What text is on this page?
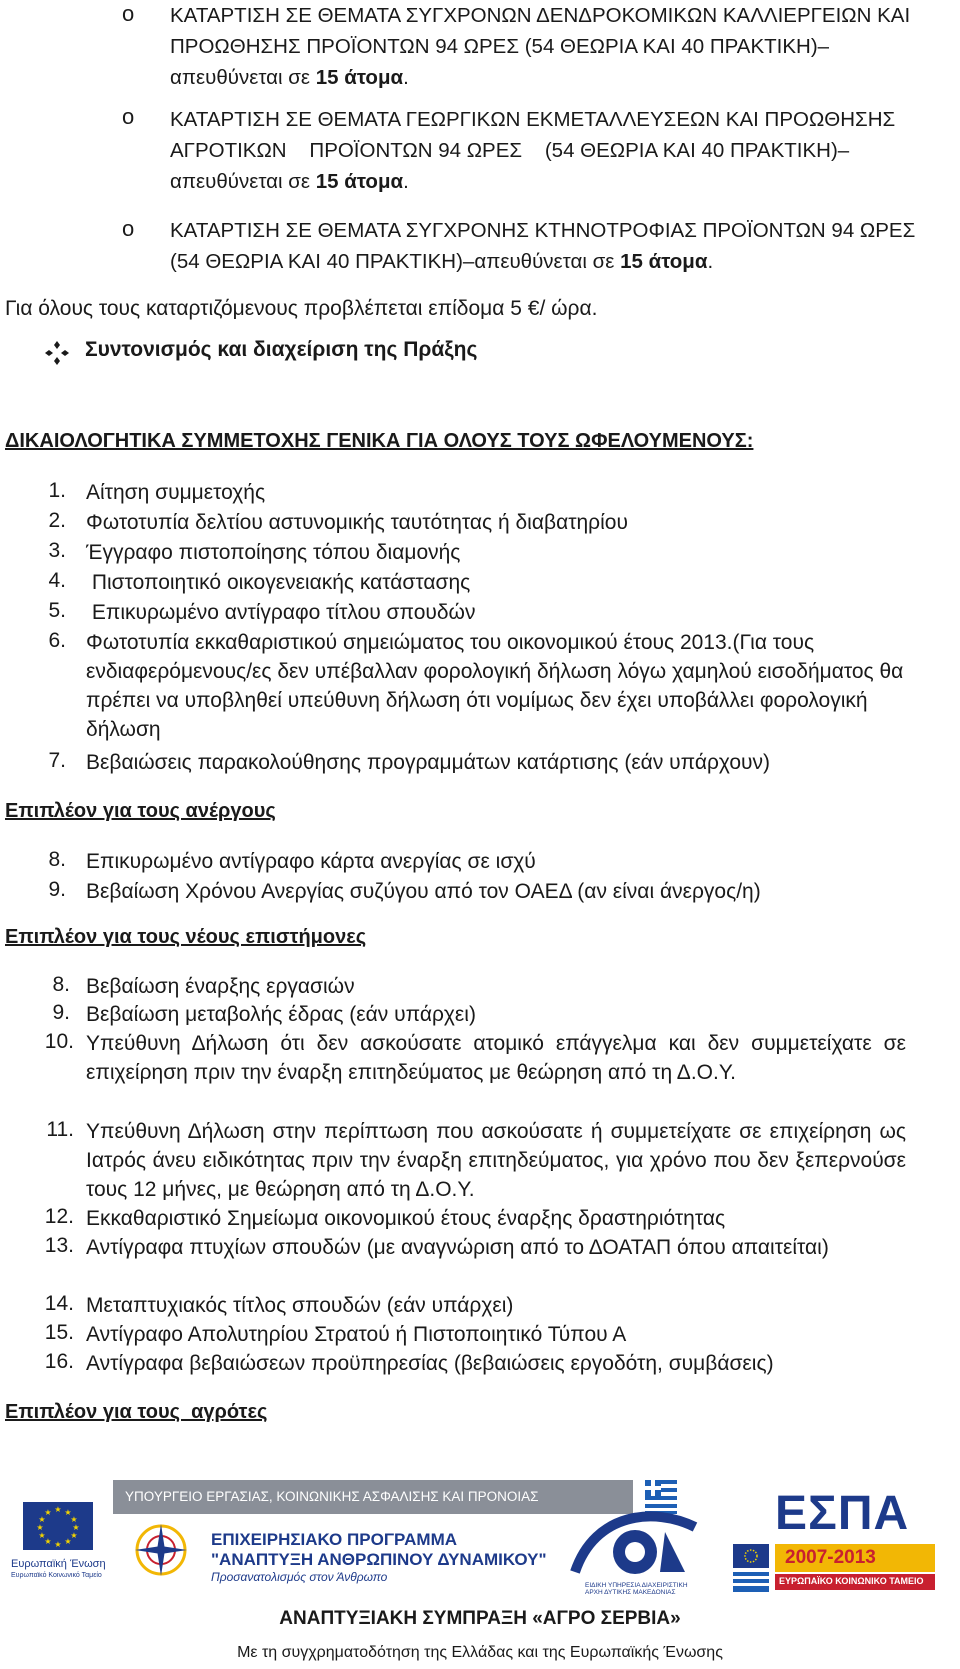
o ΚΑΤΑΡΤΙΣΗ ΣΕ ΘΕΜΑΤΑ ΣΥΓΧΡΟΝΩΝ ΔΕΝΔΡΟΚΟΜΙΚΩΝ ΚΑΛΛΙΕΡΓΕΙΩΝ ΚΑΙ
ΠΡΟΩΘΗΣΗΣ ΠΡΟΪΟΝΤΩΝ 94 ΩΡΕΣ (54 ΘΕΩΡΙΑ ΚΑΙ 40 ΠΡΑΚΤΙΚΗ)–
απευθύνεται σε 15 άτομα.
o ΚΑΤΑΡΤΙΣΗ ΣΕ ΘΕΜΑΤΑ ΓΕΩΡΓΙΚΩΝ ΕΚΜΕΤΑΛΛΕΥΣΕΩΝ ΚΑΙ ΠΡΟΩΘΗΣΗΣ
ΑΓΡΟΤΙΚΩΝ    ΠΡΟΪΟΝΤΩΝ 94 ΩΡΕΣ    (54 ΘΕΩΡΙΑ ΚΑΙ 40 ΠΡΑΚΤΙΚΗ)–
απευθύνεται σε 15 άτομα.
o ΚΑΤΑΡΤΙΣΗ ΣΕ ΘΕΜΑΤΑ ΣΥΓΧΡΟΝΗΣ ΚΤΗΝΟΤΡΟΦΙΑΣ ΠΡΟΪΟΝΤΩΝ 94 ΩΡΕΣ
(54 ΘΕΩΡΙΑ ΚΑΙ 40 ΠΡΑΚΤΙΚΗ)–απευθύνεται σε 15 άτομα.
Για όλους τους καταρτιζόμενους προβλέπεται επίδομα 5 €/ ώρα.
Συντονισμός και διαχείριση της Πράξης
ΔΙΚΑΙΟΛΟΓΗΤΙΚΑ ΣΥΜΜΕΤΟΧΗΣ ΓΕΝΙΚΑ ΓΙΑ ΟΛΟΥΣ ΤΟΥΣ ΩΦΕΛΟΥΜΕΝΟΥΣ:
1. Αίτηση συμμετοχής
2. Φωτοτυπία δελτίου αστυνομικής ταυτότητας ή διαβατηρίου
3. Έγγραφο πιστοποίησης τόπου διαμονής
4. Πιστοποιητικό οικογενειακής κατάστασης
5. Επικυρωμένο αντίγραφο τίτλου σπουδών
6. Φωτοτυπία εκκαθαριστικού σημειώματος του οικονομικού έτους 2013.(Για τους ενδιαφερόμενους/ες δεν υπέβαλλαν φορολογική δήλωση λόγω χαμηλού εισοδήματος θα πρέπει να υποβληθεί υπεύθυνη δήλωση ότι νομίμως δεν έχει υποβάλλει φορολογική δήλωση
7. Βεβαιώσεις παρακολούθησης προγραμμάτων κατάρτισης (εάν υπάρχουν)
Επιπλέον για τους ανέργους
8. Επικυρωμένο αντίγραφο κάρτα ανεργίας σε ισχύ
9. Βεβαίωση Χρόνου Ανεργίας συζύγου από τον ΟΑΕΔ (αν είναι άνεργος/η)
Επιπλέον για τους νέους επιστήμονες
8. Βεβαίωση έναρξης εργασιών
9. Βεβαίωση μεταβολής έδρας (εάν υπάρχει)
10. Υπεύθυνη Δήλωση ότι δεν ασκούσατε ατομικό επάγγελμα και δεν συμμετείχατε σε επιχείρηση πριν την έναρξη επιτηδεύματος με θεώρηση από τη Δ.Ο.Υ.
11. Υπεύθυνη Δήλωση στην περίπτωση που ασκούσατε ή συμμετείχατε σε επιχείρηση ως Ιατρός άνευ ειδικότητας πριν την έναρξη επιτηδεύματος, για χρόνο που δεν ξεπερνούσε τους 12 μήνες, με θεώρηση από τη Δ.Ο.Υ.
12. Εκκαθαριστικό Σημείωμα οικονομικού έτους έναρξης δραστηριότητας
13. Αντίγραφα πτυχίων σπουδών (με αναγνώριση από το ΔΟΑΤΑΠ όπου απαιτείται)
14. Μεταπτυχιακός τίτλος σπουδών (εάν υπάρχει)
15. Αντίγραφο Απολυτηρίου Στρατού ή Πιστοποιητικό Τύπου Α
16. Αντίγραφα βεβαιώσεων προϋπηρεσίας (βεβαιώσεις εργοδότη, συμβάσεις)
Επιπλέον για τους  αγρότες
★ ★
★
★
★
★
★
★
★
★
★
★
Ευρωπαϊκή Ένωση
Ευρωπαϊκό Κοινωνικό Ταμείο
ΥΠΟΥΡΓΕΙΟ ΕΡΓΑΣΙΑΣ, ΚΟΙΝΩΝΙΚΗΣ ΑΣΦΑΛΙΣΗΣ ΚΑΙ ΠΡΟΝΟΙΑΣ
ΕΠΙΧΕΙΡΗΣΙΑΚΟ ΠΡΟΓΡΑΜΜΑ
"ΑΝΑΠΤΥΞΗ ΑΝΘΡΩΠΙΝΟΥ ΔΥΝΑΜΙΚΟΥ"
Προσανατολισμός στον Άνθρωπο
ΕΙΔΙΚΗ ΥΠΗΡΕΣΙΑ ΔΙΑΧΕΙΡΙΣΤΙΚΗ ΑΡΧΗ ΔΥΤΙΚΗΣ ΜΑΚΕΔΟΝΙΑΣ
ΕΣΠΑ
2007-2013
ΕΥΡΩΠΑΪΚΟ ΚΟΙΝΩΝΙΚΟ ΤΑΜΕΙΟ
ΑΝΑΠΤΥΞΙΑΚΗ ΣΥΜΠΡΑΞΗ «ΑΓΡΟ ΣΕΡΒΙΑ»
Με τη συγχρηματοδότηση της Ελλάδας και της Ευρωπαϊκής Ένωσης
